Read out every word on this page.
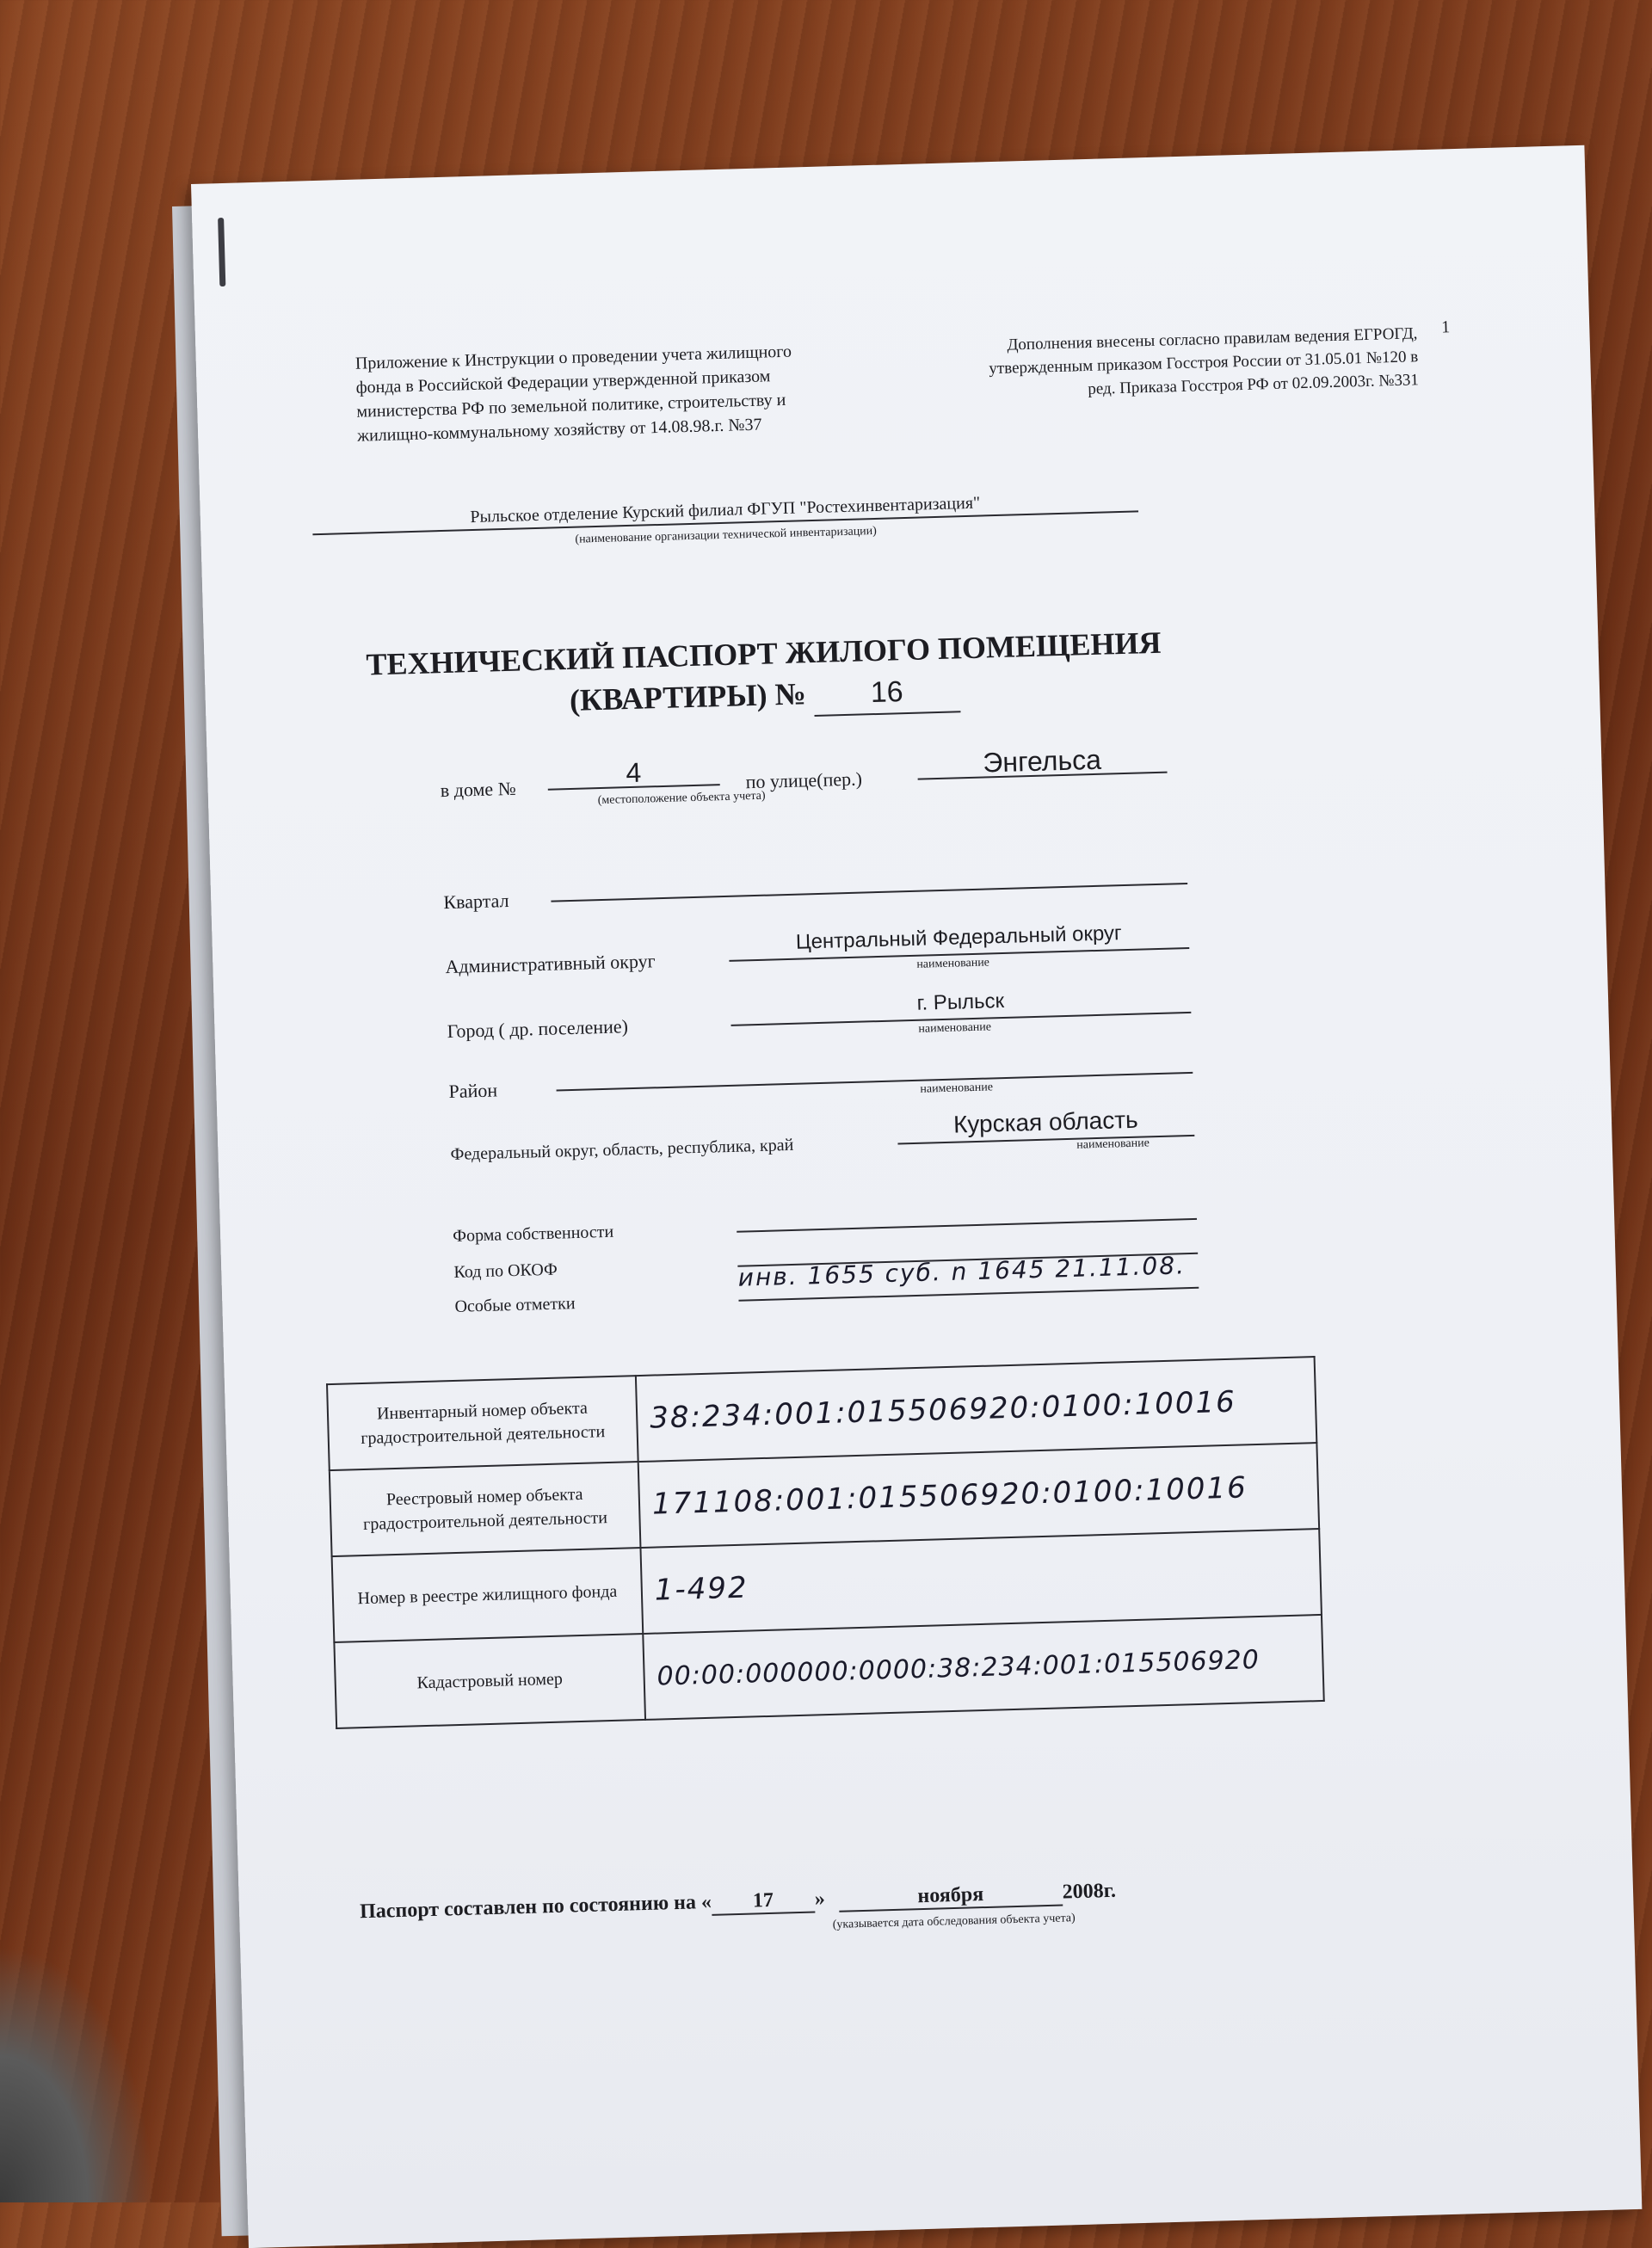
Приложение к Инструкции о проведении учета жилищного фонда в Российской Федерации утвержденной приказом министерства РФ по земельной политике, строительству и жилищно-коммунальному хозяйству от 14.08.98.г. №37
Дополнения внесены согласно правилам ведения ЕГРОГД, утвержденным приказом Госстроя России от 31.05.01 №120 в ред. Приказа Госстроя РФ от 02.09.2003г. №331
1
Рыльское отделение Курский филиал ФГУП "Ростехинвентаризация"
(наименование организации технической инвентаризации)
ТЕХНИЧЕСКИЙ ПАСПОРТ ЖИЛОГО ПОМЕЩЕНИЯ
(КВАРТИРЫ) № 16
в доме №
4	по улице(пер.)
Энгельса
(местоположение объекта учета)
Квартал
Административный округ
Центральный Федеральный округ
наименование
Город ( др. поселение)
г. Рыльск
наименование
Район	наименование
Федеральный округ, область, республика, край
Курская область
наименование
Форма собственности
Код по ОКОФ
Особые отметки
инв. 1655 суб. n 1645 21.11.08.
Инвентарный номер объекта градостроительной деятельности	38:234:001:015506920:0100:10016
Реестровый номер объекта градостроительной деятельности	171108:001:015506920:0100:10016
Номер в реестре жилищного фонда	1-492
Кадастровый номер	00:00:000000:0000:38:234:001:015506920
Паспорт составлен по состоянию на « 17 »	ноября	2008г.
(указывается дата обследования объекта учета)
